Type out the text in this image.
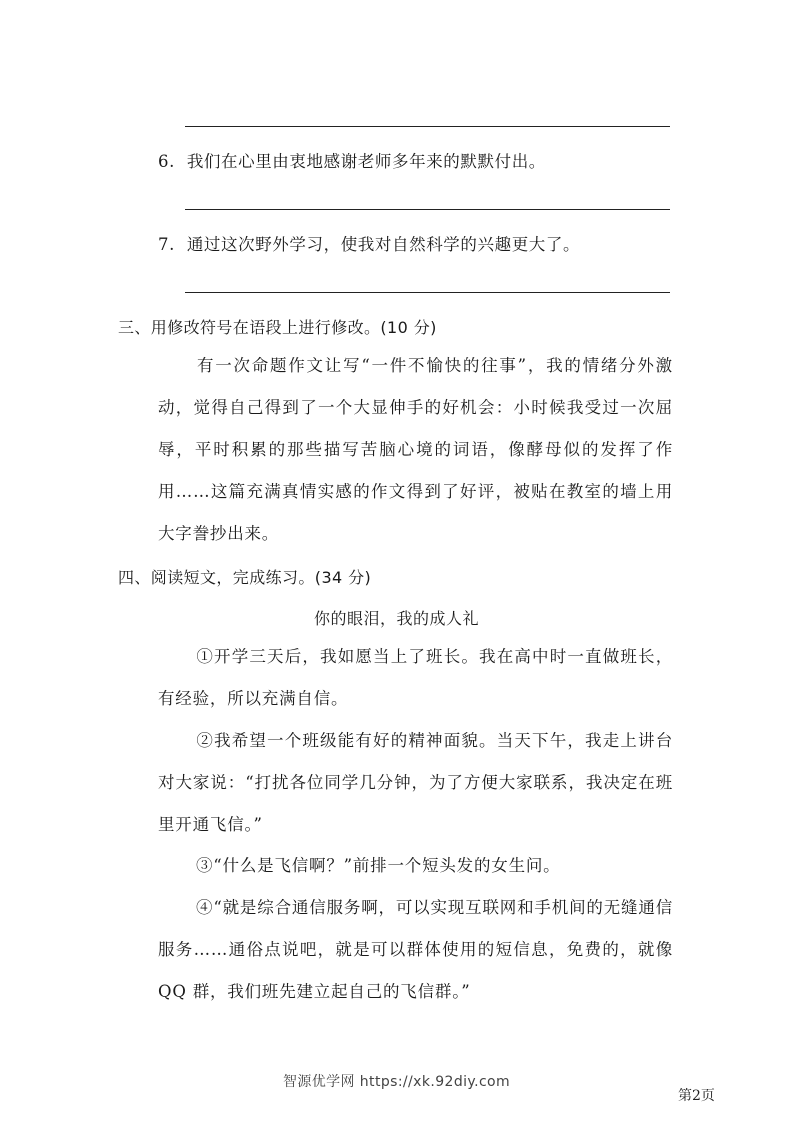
6. 我们在心里由衷地感谢老师多年来的默默付出。
7. 通过这次野外学习，使我对自然科学的兴趣更大了。
三、用修改符号在语段上进行修改。(10 分)
有一次命题作文让写“一件不愉快的往事”，我的情绪分外激动，觉得自己得到了一个大显伸手的好机会：小时候我受过一次屈辱，平时积累的那些描写苦脑心境的词语，像酵母似的发挥了作用……这篇充满真情实感的作文得到了好评，被贴在教室的墙上用大字誊抄出来。
四、阅读短文，完成练习。(34 分)
你的眼泪，我的成人礼
①开学三天后，我如愿当上了班长。我在高中时一直做班长，有经验，所以充满自信。
②我希望一个班级能有好的精神面貌。当天下午，我走上讲台对大家说：“打扰各位同学几分钟，为了方便大家联系，我决定在班里开通飞信。”
③“什么是飞信啊？”前排一个短头发的女生问。
④“就是综合通信服务啊，可以实现互联网和手机间的无缝通信服务……通俗点说吧，就是可以群体使用的短信息，免费的，就像 QQ 群，我们班先建立起自己的飞信群。”
智源优学网 https://xk.92diy.com
第2页
